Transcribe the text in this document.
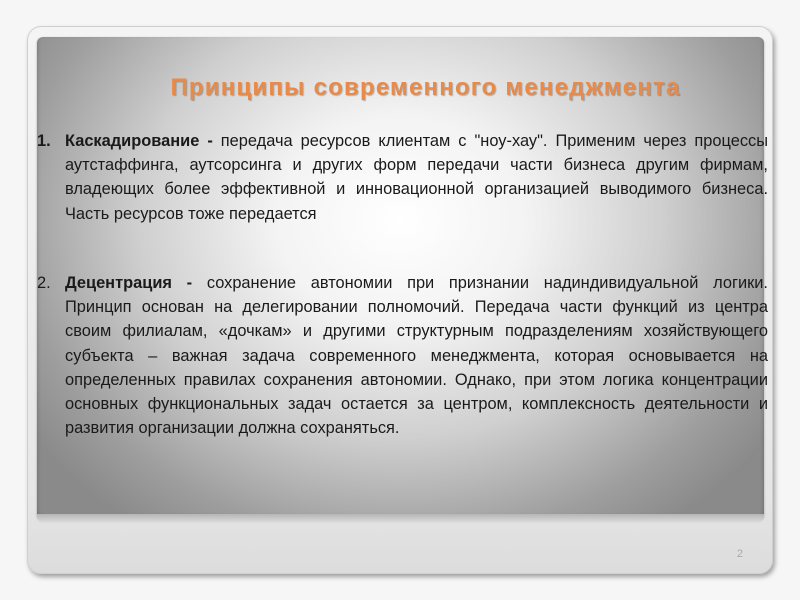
Принципы современного менеджмента
1. Каскадирование - передача ресурсов клиентам с "ноу-хау". Применим через процессы аутстаффинга, аутсорсинга и других форм передачи части бизнеса другим фирмам, владеющих более эффективной и инновационной организацией выводимого бизнеса. Часть ресурсов тоже передается
2. Децентрация - сохранение автономии при признании надиндивидуальной логики. Принцип основан на делегировании полномочий. Передача части функций из центра своим филиалам, «дочкам» и другими структурным подразделениям хозяйствующего субъекта – важная задача современного менеджмента, которая основывается на определенных правилах сохранения автономии. Однако, при этом логика концентрации основных функциональных задач остается за центром, комплексность деятельности и развития организации должна сохраняться.
2
